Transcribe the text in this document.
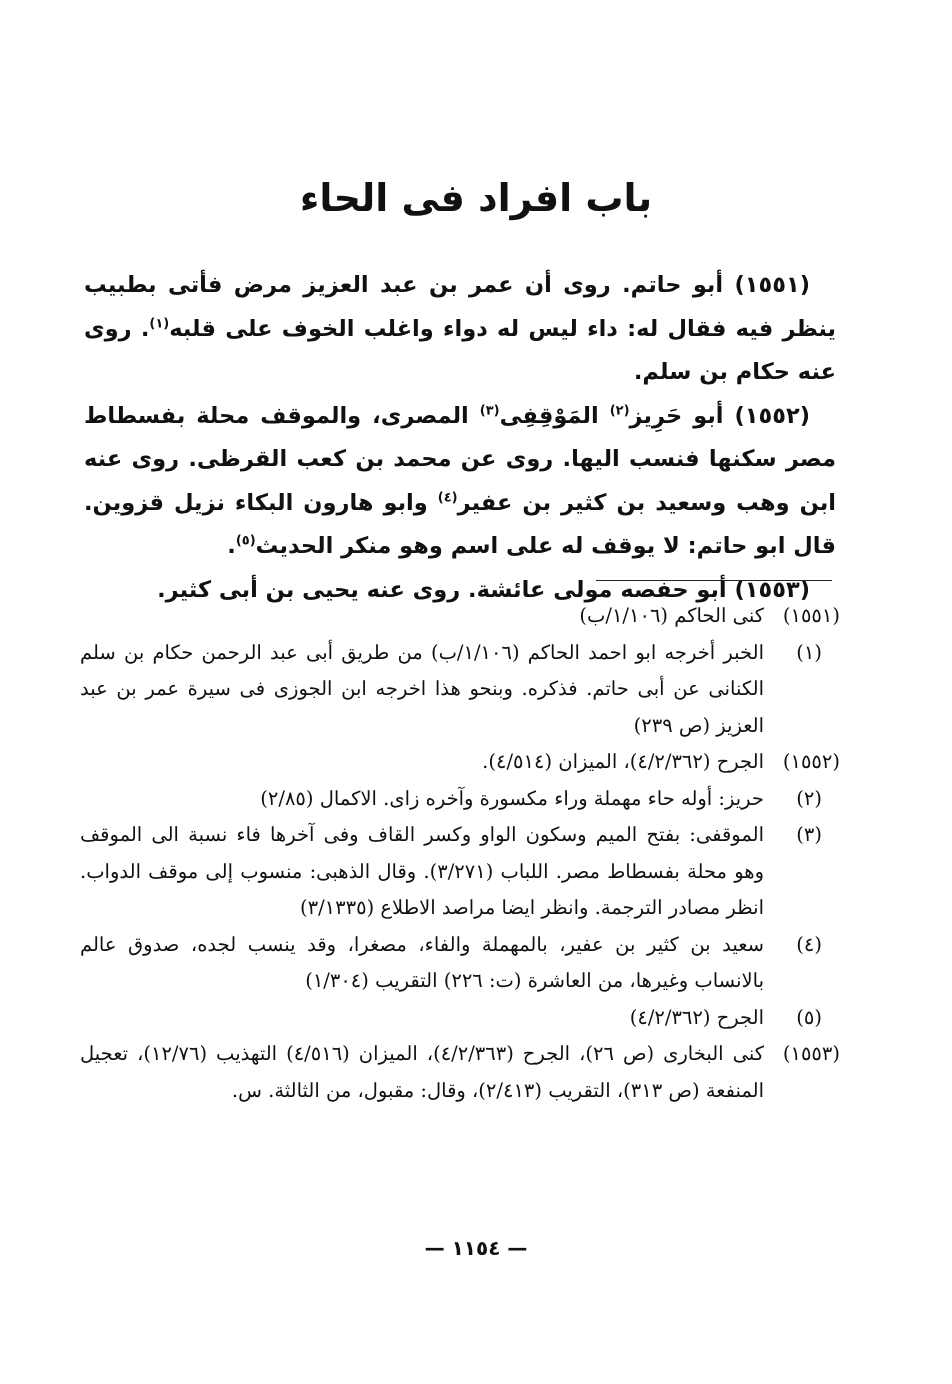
باب افراد فى الحاء

(١٥٥١) أبو حاتم. روى أن عمر بن عبد العزيز مرض فأتى بطبيب ينظر فيه فقال له: داء ليس له دواء واغلب الخوف على قلبه$^{(١)}$. روى عنه حكام بن سلم.

(١٥٥٢) أبو حَرِيز$^{(٢)}$ المَوْقِفِى$^{(٣)}$ المصرى، والموقف محلة بفسطاط مصر سكنها فنسب اليها. روى عن محمد بن كعب القرظى. روى عنه ابن وهب وسعيد بن كثير بن عفير$^{(٤)}$ وابو هارون البكاء نزيل قزوين. قال ابو حاتم: لا يوقف له على اسم وهو منكر الحديث$^{(٥)}$.

(١٥٥٣) أبو حفصه مولى عائشة. روى عنه يحيى بن أبى كثير.

(١٥٥١)
كنى الحاكم (١/١٠٦/ب)
(١)
الخبر أخرجه ابو احمد الحاكم (١/١٠٦/ب) من طريق أبى عبد الرحمن حكام بن سلم الكنانى عن أبى حاتم. فذكره. وبنحو هذا اخرجه ابن الجوزى فى سيرة عمر بن عبد العزيز (ص ٢٣٩)
(١٥٥٢)
الجرح (٤/٢/٣٦٢)، الميزان (٤/٥١٤).
(٢)
حريز: أوله حاء مهملة وراء مكسورة وآخره زاى. الاكمال (٢/٨٥)
(٣)
الموقفى: بفتح الميم وسكون الواو وكسر القاف وفى آخرها فاء نسبة الى الموقف وهو محلة بفسطاط مصر. اللباب (٣/٢٧١). وقال الذهبى: منسوب إلى موقف الدواب. انظر مصادر الترجمة. وانظر ايضا مراصد الاطلاع (٣/١٣٣٥)
(٤)
سعيد بن كثير بن عفير، بالمهملة والفاء، مصغرا، وقد ينسب لجده، صدوق عالم بالانساب وغيرها، من العاشرة (ت: ٢٢٦) التقريب (١/٣٠٤)
(٥)
الجرح (٤/٢/٣٦٢)
(١٥٥٣)
كنى البخارى (ص ٢٦)، الجرح (٤/٢/٣٦٣)، الميزان (٤/٥١٦) التهذيب (١٢/٧٦)، تعجيل المنفعة (ص ٣١٣)، التقريب (٢/٤١٣)، وقال: مقبول، من الثالثة. س.
— ١١٥٤ —
